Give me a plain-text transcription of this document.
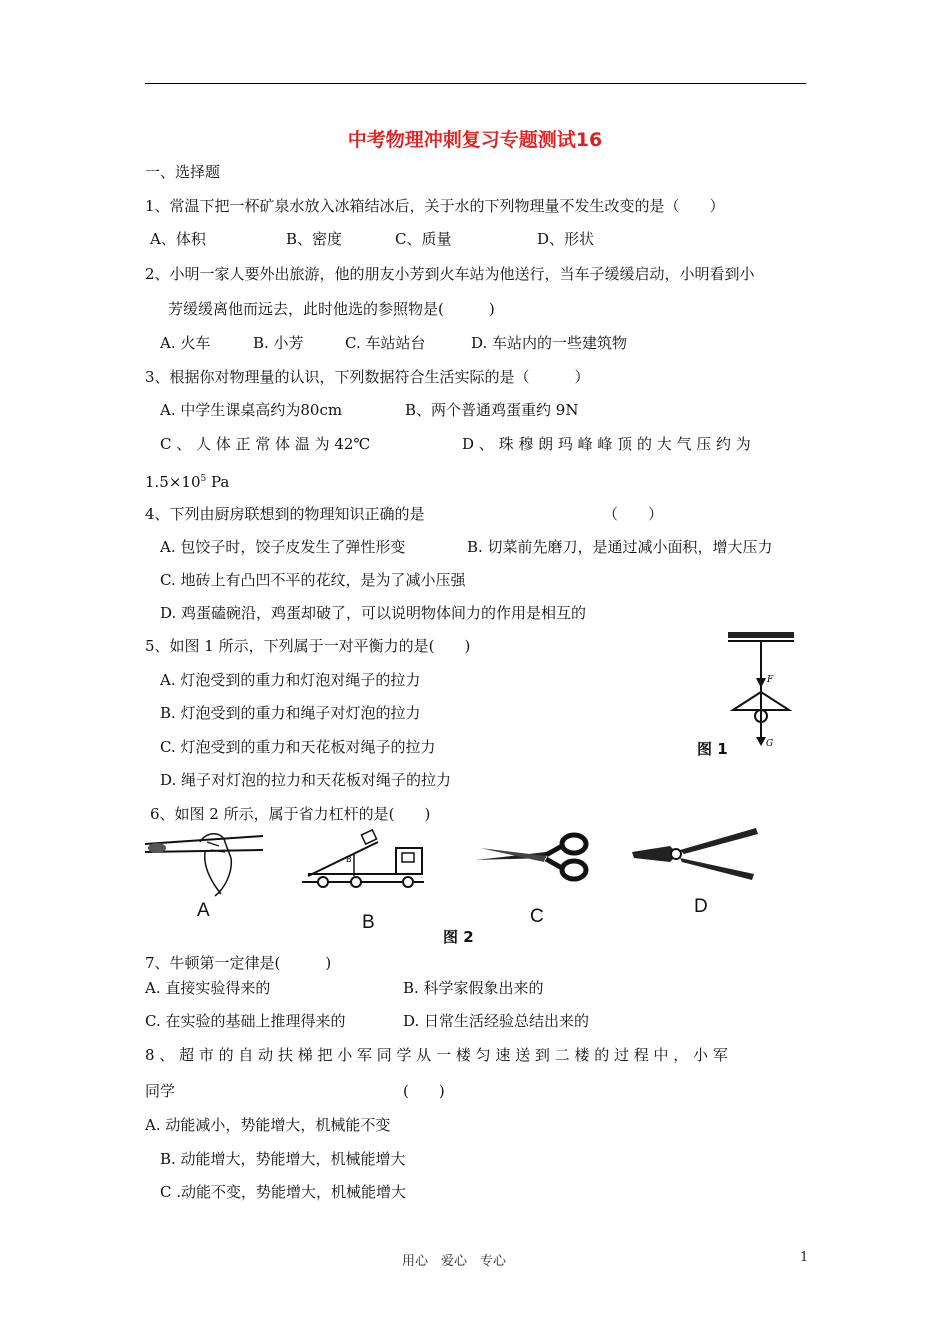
中考物理冲刺复习专题测试16
一、选择题
1、常温下把一杯矿泉水放入冰箱结冰后，关于水的下列物理量不发生改变的是（　　）
A、体积	B、密度	C、质量	D、形状
2、小明一家人要外出旅游，他的朋友小芳到火车站为他送行，当车子缓缓启动，小明看到小
芳缓缓离他而远去，此时他选的参照物是(　　　)
A. 火车	B. 小芳	C. 车站站台	D. 车站内的一些建筑物
3、根据你对物理量的认识，下列数据符合生活实际的是（　　　）
A. 中学生课桌高约为80cm	B、两个普通鸡蛋重约 9N
C 、 人 体 正 常 体 温 为 42℃	D 、 珠 穆 朗 玛 峰 峰 顶 的 大 气 压 约 为
$1.5\times 10^5$ Pa
4、下列由厨房联想到的物理知识正确的是	（　　）
A. 包饺子时，饺子皮发生了弹性形变	B. 切菜前先磨刀，是通过减小面积，增大压力
C. 地砖上有凸凹不平的花纹，是为了减小压强
D. 鸡蛋磕碗沿，鸡蛋却破了，可以说明物体间力的作用是相互的
5、如图 1 所示，下列属于一对平衡力的是(　　)
A. 灯泡受到的重力和灯泡对绳子的拉力
B. 灯泡受到的重力和绳子对灯泡的拉力
C. 灯泡受到的重力和天花板对绳子的拉力
D. 绳子对灯泡的拉力和天花板对绳子的拉力
F
G
图 1
6、如图 2 所示，属于省力杠杆的是(　　)
A
B
B	C	D
图 2
7、牛顿第一定律是(　　　)
A. 直接实验得来的	B. 科学家假象出来的
C. 在实验的基础上推理得来的	D. 日常生活经验总结出来的
8 、 超 市 的 自 动 扶 梯 把 小 军 同 学 从 一 楼 匀 速 送 到 二 楼 的 过 程 中 ， 小 军
同学	(　　)
A. 动能减小，势能增大，机械能不变
B. 动能增大，势能增大，机械能增大
C .动能不变，势能增大，机械能增大
用心　爱心　专心	1
